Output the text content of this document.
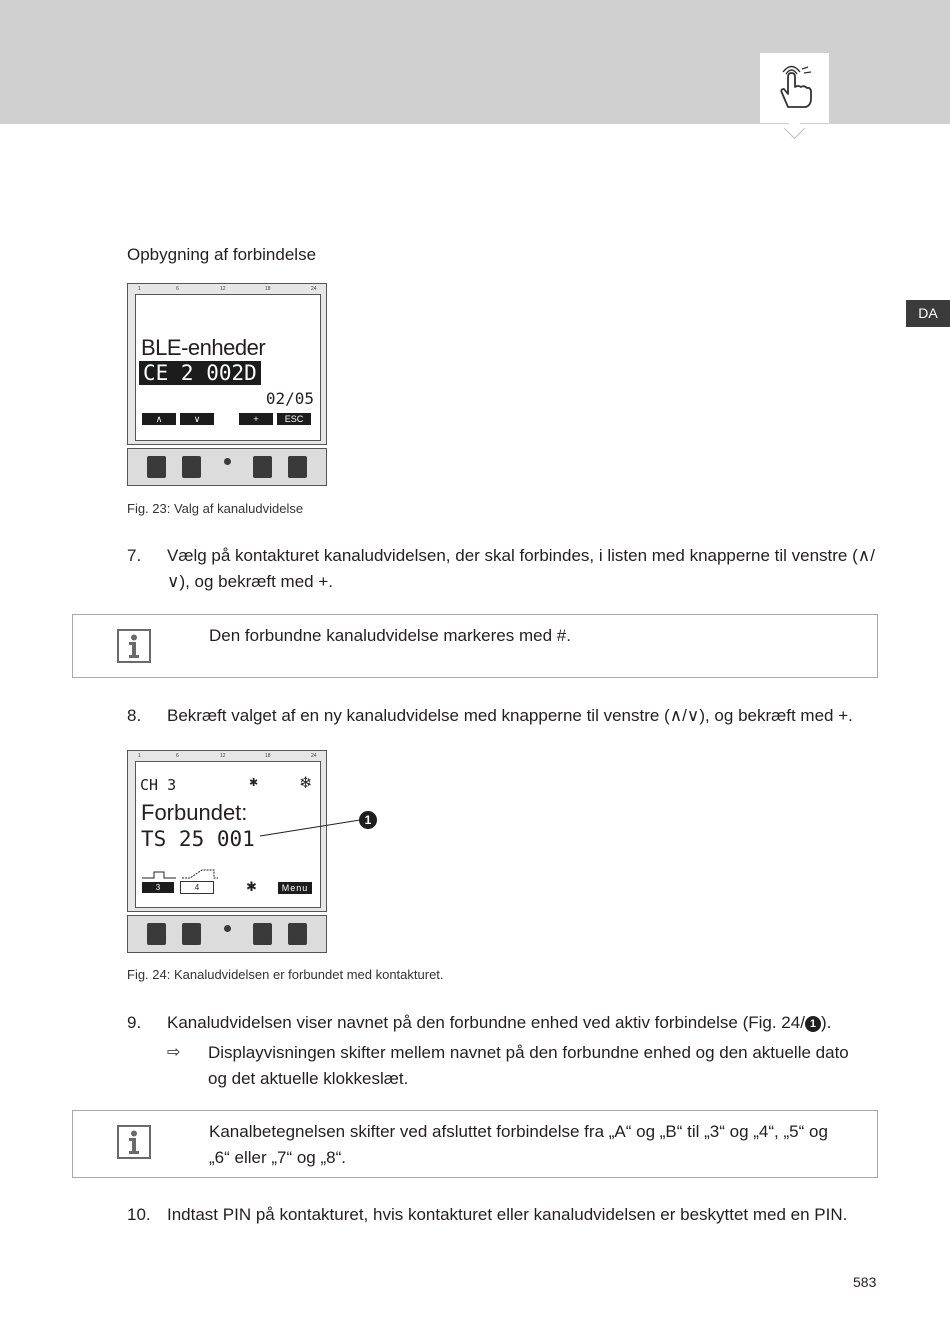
DA
Opbygning af forbindelse
1	6	12	18	24
BLE-enheder
CE 2 002D
02/05
∧	∨	+	ESC
Fig. 23: Valg af kanaludvidelse
7. Vælg på kontakturet kanaludvidelsen, der skal forbindes, i listen med knapperne til venstre (∧/∨), og bekræft med +.
Den forbundne kanaludvidelse markeres med #.
8. Bekræft valget af en ny kanaludvidelse med knapperne til venstre (∧/∨), og bekræft med +.
1	6	12	18	24
CH 3	✱	❄
Forbundet:
TS 25 001
3	4	✱	Menu
1
Fig. 24: Kanaludvidelsen er forbundet med kontakturet.
9. Kanaludvidelsen viser navnet på den forbundne enhed ved aktiv forbindelse (Fig. 24/ 1 ).
⇨ Displayvisningen skifter mellem navnet på den forbundne enhed og den aktuelle dato og det aktuelle klokkeslæt.
Kanalbetegnelsen skifter ved afsluttet forbindelse fra „A“ og „B“ til „3“ og „4“, „5“ og „6“ eller „7“ og „8“.
10. Indtast PIN på kontakturet, hvis kontakturet eller kanaludvidelsen er beskyttet med en PIN.
583
